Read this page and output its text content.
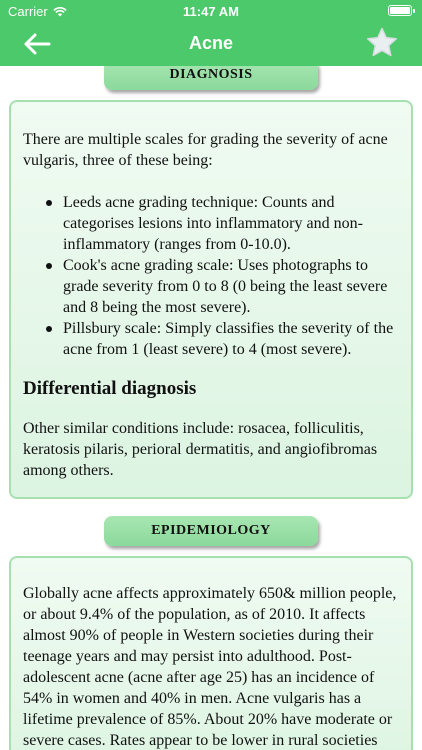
Carrier	11:47 AM
Acne
DIAGNOSIS

There are multiple scales for grading the severity of acne vulgaris, three of these being:

Leeds acne grading technique: Counts and categorises lesions into inflammatory and non-inflammatory (ranges from 0-10.0).
Cook's acne grading scale: Uses photographs to grade severity from 0 to 8 (0 being the least severe and 8 being the most severe).
Pillsbury scale: Simply classifies the severity of the acne from 1 (least severe) to 4 (most severe).
Differential diagnosis

Other similar conditions include: rosacea, folliculitis, keratosis pilaris, perioral dermatitis, and angiofibromas among others.

EPIDEMIOLOGY

Globally acne affects approximately 650& million people, or about 9.4% of the population, as of 2010. It affects almost 90% of people in Western societies during their teenage years and may persist into adulthood. Post-adolescent acne (acne after age 25) has an incidence of 54% in women and 40% in men. Acne vulgaris has a lifetime prevalence of 85%. About 20% have moderate or severe cases. Rates appear to be lower in rural societies
